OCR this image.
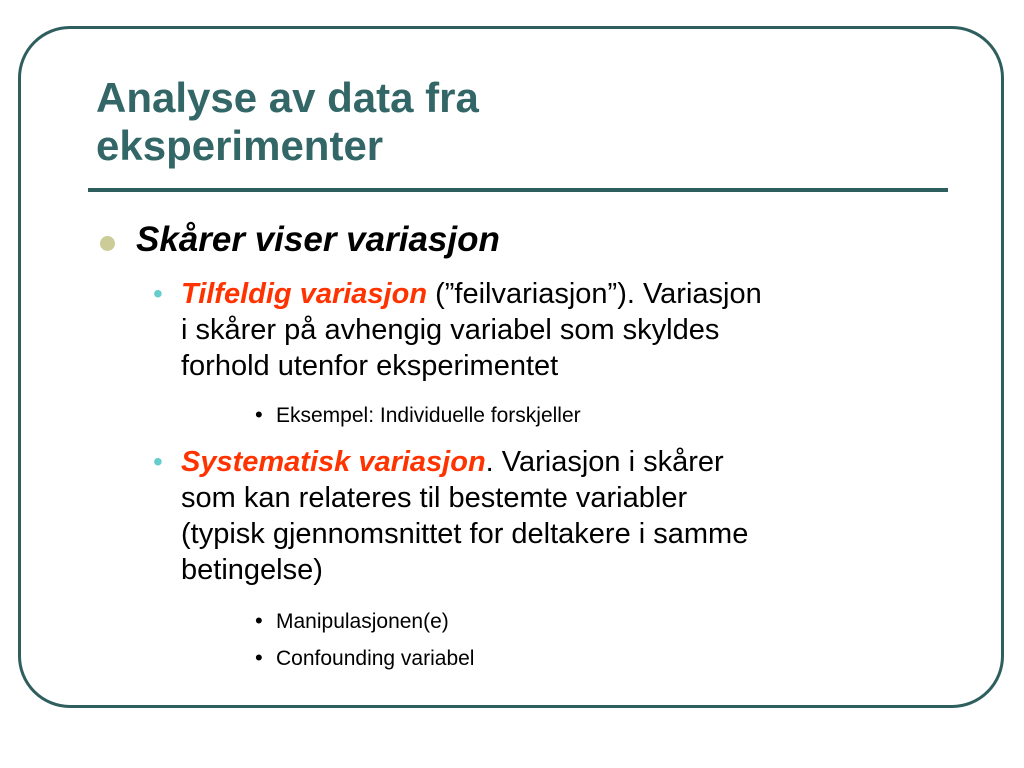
Analyse av data fra
eksperimenter
Skårer viser variasjon
• Tilfeldig variasjon (”feilvariasjon”). Variasjon
i skårer på avhengig variabel som skyldes
forhold utenfor eksperimentet
• Eksempel: Individuelle forskjeller
• Systematisk variasjon. Variasjon i skårer
som kan relateres til bestemte variabler
(typisk gjennomsnittet for deltakere i samme
betingelse)
• Manipulasjonen(e)
• Confounding variabel
